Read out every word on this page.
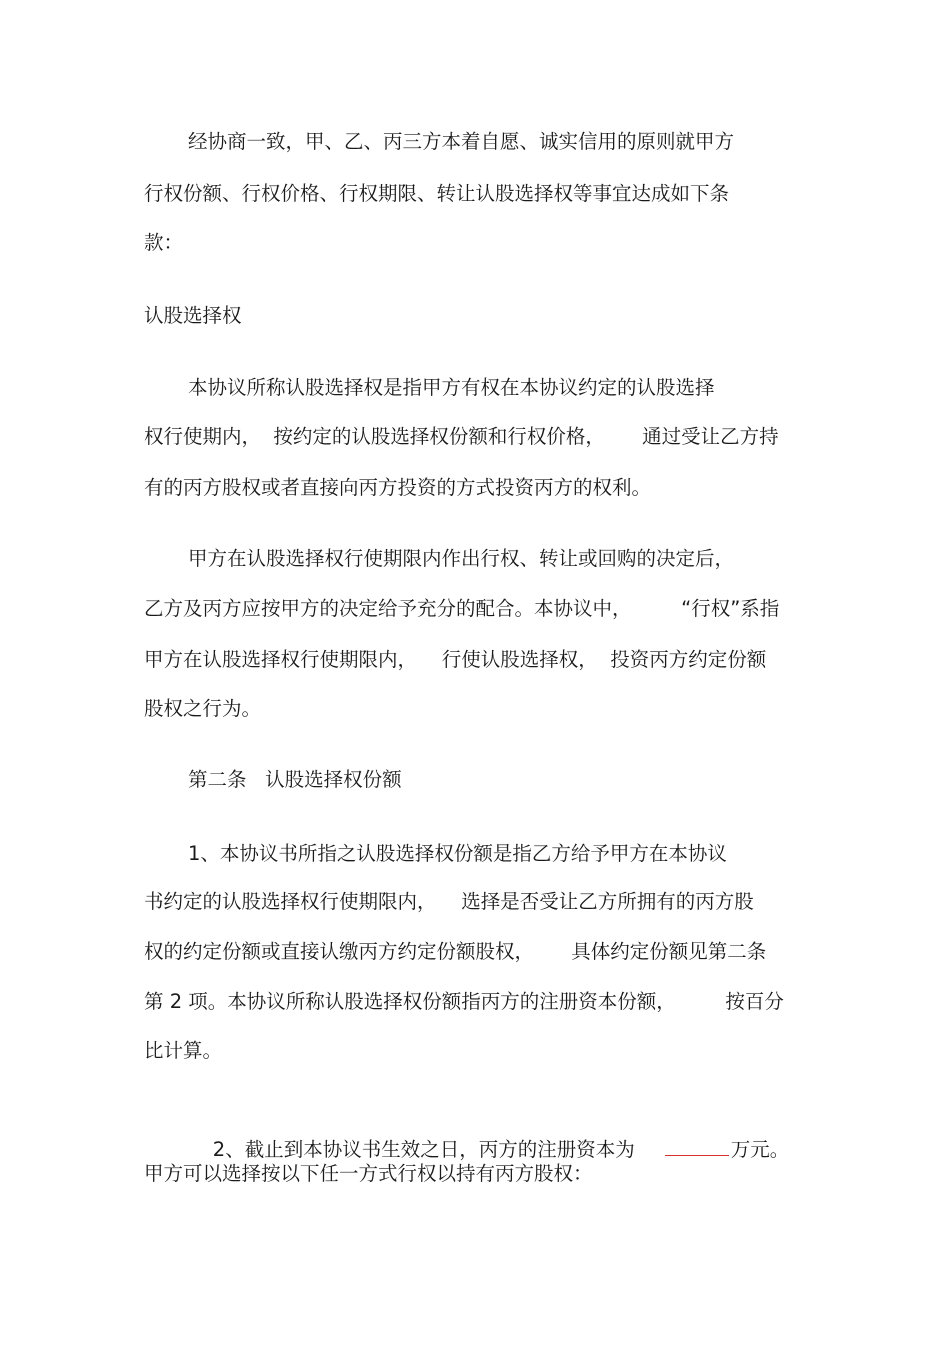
经协商一致，甲、乙、丙三方本着自愿、诚实信用的原则就甲方
行权份额、行权价格、行权期限、转让认股选择权等事宜达成如下条
款：
认股选择权
本协议所称认股选择权是指甲方有权在本协议约定的认股选择
权行使期内，  按约定的认股选择权份额和行权价格，      通过受让乙方持
有的丙方股权或者直接向丙方投资的方式投资丙方的权利。
甲方在认股选择权行使期限内作出行权、转让或回购的决定后，
乙方及丙方应按甲方的决定给予充分的配合。本协议中，        “行权”系指
甲方在认股选择权行使期限内，    行使认股选择权，  投资丙方约定份额
股权之行为。
第二条   认股选择权份额
1、本协议书所指之认股选择权份额是指乙方给予甲方在本协议
书约定的认股选择权行使期限内，    选择是否受让乙方所拥有的丙方股
权的约定份额或直接认缴丙方约定份额股权，      具体约定份额见第二条
第 2 项。本协议所称认股选择权份额指丙方的注册资本份额，        按百分
比计算。

2、截止到本协议书生效之日，丙方的注册资本为	万元。

甲方可以选择按以下任一方式行权以持有丙方股权：
